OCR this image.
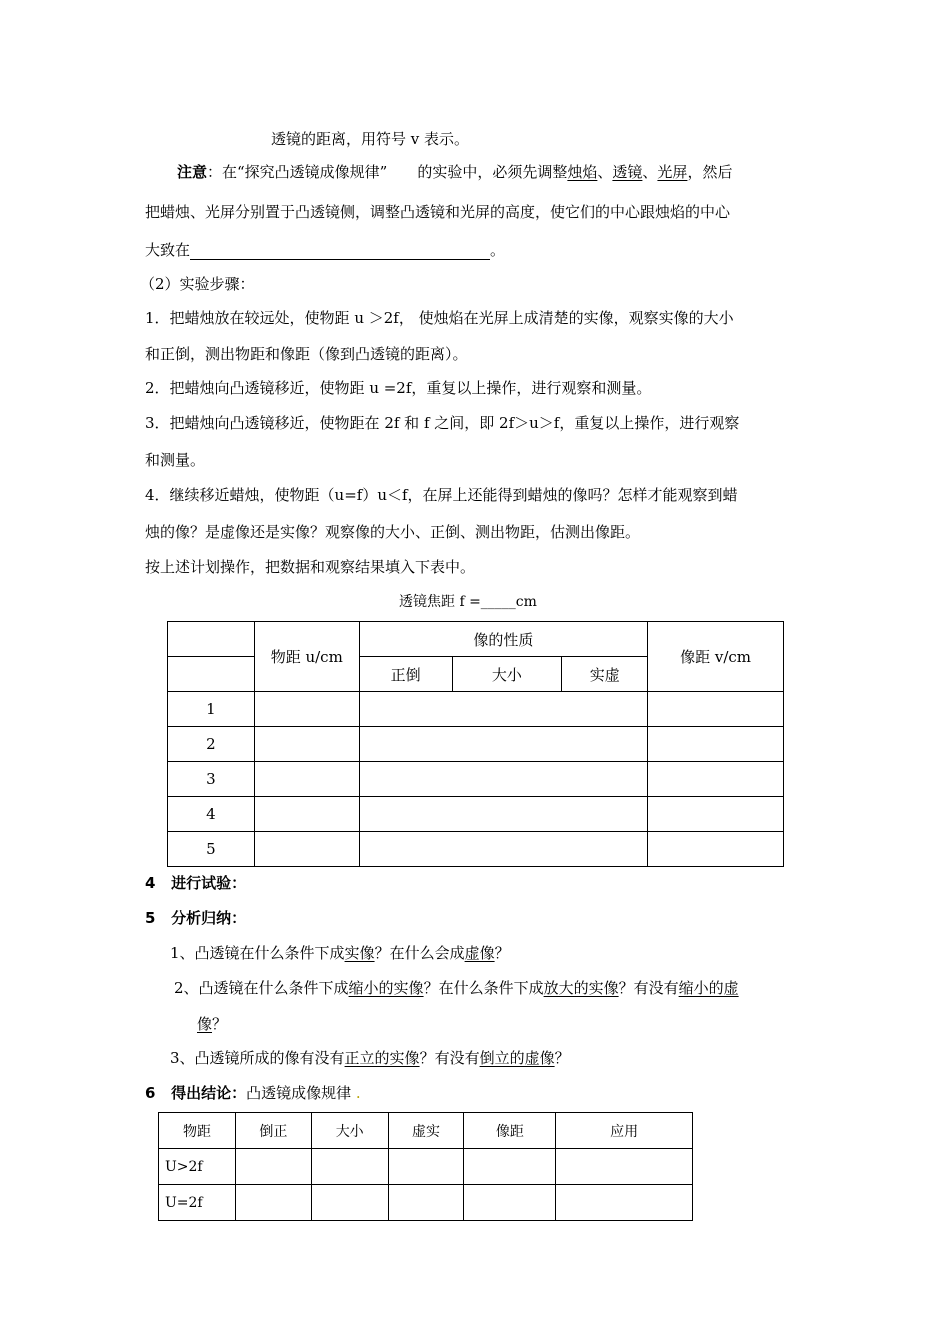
透镜的距离，用符号 v 表示。
注意：在“探究凸透镜成像规律”　　的实验中，必须先调整烛焰、透镜、光屏，然后
把蜡烛、光屏分别置于凸透镜侧，调整凸透镜和光屏的高度，使它们的中心跟烛焰的中心
大致在	。
（2）实验步骤：
1．把蜡烛放在较远处，使物距 u ＞2f， 使烛焰在光屏上成清楚的实像，观察实像的大小
和正倒，测出物距和像距（像到凸透镜的距离）。
2．把蜡烛向凸透镜移近，使物距 u =2f，重复以上操作，进行观察和测量。
3．把蜡烛向凸透镜移近，使物距在 2f 和 f 之间，即 2f＞u＞f，重复以上操作，进行观察
和测量。
4．继续移近蜡烛，使物距（u=f）u＜f，在屏上还能得到蜡烛的像吗？怎样才能观察到蜡
烛的像？是虚像还是实像？观察像的大小、正倒、测出物距，估测出像距。
按上述计划操作，把数据和观察结果填入下表中。
透镜焦距 f =_____cm
	物距 u/cm	像的性质			像距 v/cm
		正倒	大小	实虚	
1					
2					
3					
4					
5					
4 进行试验：
5 分析归纳：
1、凸透镜在什么条件下成实像？在什么会成虚像？
2、凸透镜在什么条件下成缩小的实像？在什么条件下成放大的实像？有没有缩小的虚
像？
3、凸透镜所成的像有没有正立的实像？有没有倒立的虚像？
6 得出结论：凸透镜成像规律 .
物距	倒正	大小	虚实	像距	应用
U>2f					
U=2f					
